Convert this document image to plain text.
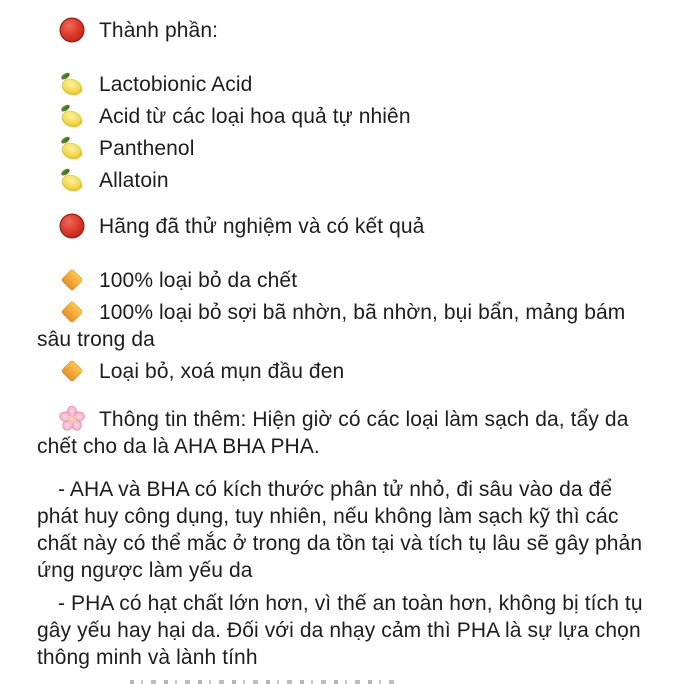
Thành phần:

Lactobionic Acid

Acid từ các loại hoa quả tự nhiên

Panthenol

Allatoin

Hãng đã thử nghiệm và có kết quả

100% loại bỏ da chết

100% loại bỏ sợi bã nhờn, bã nhờn, bụi bẩn, mảng bám sâu trong da

Loại bỏ, xoá mụn đầu đen

Thông tin thêm: Hiện giờ có các loại làm sạch da, tẩy da chết cho da là AHA BHA PHA.

- AHA và BHA có kích thước phân tử nhỏ, đi sâu vào da để phát huy công dụng, tuy nhiên, nếu không làm sạch kỹ thì các chất này có thể mắc ở trong da tồn tại và tích tụ lâu sẽ gây phản ứng ngược làm yếu da

- PHA có hạt chất lớn hơn, vì thế an toàn hơn, không bị tích tụ gây yếu hay hại da. Đối với da nhạy cảm thì PHA là sự lựa chọn thông minh và lành tính
